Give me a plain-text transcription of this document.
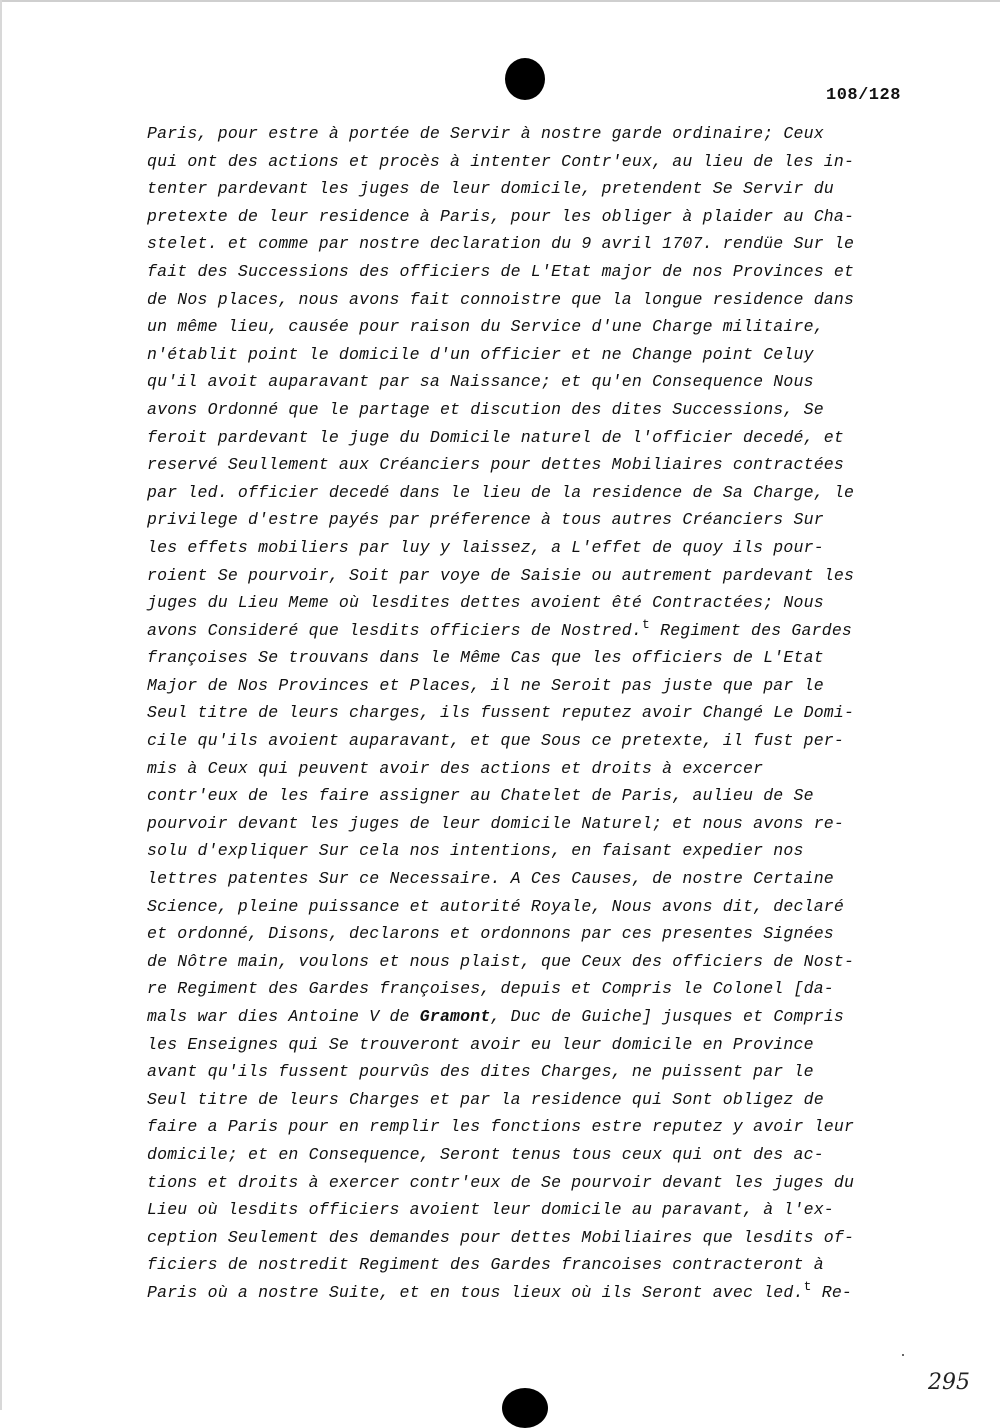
108/128
Paris, pour estre à portée de Servir à nostre garde ordinaire; Ceux
qui ont des actions et procès à intenter Contr'eux, au lieu de les in-
tenter pardevant les juges de leur domicile, pretendent Se Servir du
pretexte de leur residence à Paris, pour les obliger à plaider au Cha-
stelet. et comme par nostre declaration du 9 avril 1707. rendüe Sur le
fait des Successions des officiers de L'Etat major de nos Provinces et
de Nos places, nous avons fait connoistre que la longue residence dans
un même lieu, causée pour raison du Service d'une Charge militaire,
n'établit point le domicile d'un officier et ne Change point Celuy
qu'il avoit auparavant par sa Naissance; et qu'en Consequence Nous
avons Ordonné que le partage et discution des dites Successions, Se
feroit pardevant le juge du Domicile naturel de l'officier decedé, et
reservé Seullement aux Créanciers pour dettes Mobiliaires contractées
par led. officier decedé dans le lieu de la residence de Sa Charge, le
privilege d'estre payés par préference à tous autres Créanciers Sur
les effets mobiliers par luy y laissez, a L'effet de quoy ils pour-
roient Se pourvoir, Soit par voye de Saisie ou autrement pardevant les
juges du Lieu Meme où lesdites dettes avoient êté Contractées; Nous
avons Consideré que lesdits officiers de Nostred.$^t$ Regiment des Gardes
françoises Se trouvans dans le Même Cas que les officiers de L'Etat
Major de Nos Provinces et Places, il ne Seroit pas juste que par le
Seul titre de leurs charges, ils fussent reputez avoir Changé Le Domi-
cile qu'ils avoient auparavant, et que Sous ce pretexte, il fust per-
mis à Ceux qui peuvent avoir des actions et droits à excercer
contr'eux de les faire assigner au Chatelet de Paris, aulieu de Se
pourvoir devant les juges de leur domicile Naturel; et nous avons re-
solu d'expliquer Sur cela nos intentions, en faisant expedier nos
lettres patentes Sur ce Necessaire. A Ces Causes, de nostre Certaine
Science, pleine puissance et autorité Royale, Nous avons dit, declaré
et ordonné, Disons, declarons et ordonnons par ces presentes Signées
de Nôtre main, voulons et nous plaist, que Ceux des officiers de Nost-
re Regiment des Gardes françoises, depuis et Compris le Colonel [da-
mals war dies Antoine V de Gramont, Duc de Guiche] jusques et Compris
les Enseignes qui Se trouveront avoir eu leur domicile en Province
avant qu'ils fussent pourvûs des dites Charges, ne puissent par le
Seul titre de leurs Charges et par la residence qui Sont obligez de
faire a Paris pour en remplir les fonctions estre reputez y avoir leur
domicile; et en Consequence, Seront tenus tous ceux qui ont des ac-
tions et droits à exercer contr'eux de Se pourvoir devant les juges du
Lieu où lesdits officiers avoient leur domicile au paravant, à l'ex-
ception Seulement des demandes pour dettes Mobiliaires que lesdits of-
ficiers de nostredit Regiment des Gardes francoises contracteront à
Paris où a nostre Suite, et en tous lieux où ils Seront avec led.$^t$ Re-
295
